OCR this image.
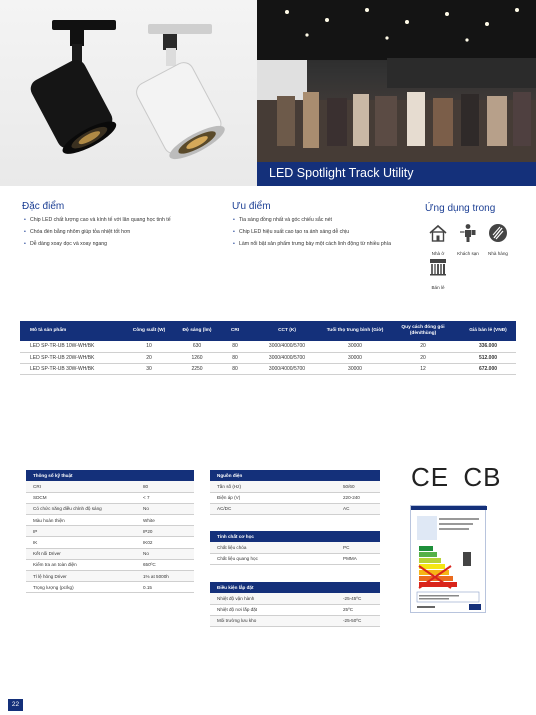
LED Spotlight Track Utility
Đặc điểm
• Chip LED chất lượng cao và kính tế với lăn quang học tinh tế
• Chóa đèn bằng nhôm giúp tỏa nhiệt tốt hơn
• Dễ dàng xoay dọc và xoay ngang
Ưu điểm
• Tia sáng đồng nhất và góc chiếu sắc nét
• Chip LED hiệu suất cao tạo ra ánh sáng dễ chịu
• Làm nổi bật sản phẩm trưng bày một cách linh động từ nhiều phía
Ứng dụng trong
Nhà ở	Khách sạn	Nhà hàng
Bán lẻ
Mô tả sản phẩm	Công suất (W)	Độ sáng (lm)	CRI	CCT (K)	Tuổi thọ trung bình (Giờ)	Quy cách đóng gói (đèn/thùng)	Giá bán lẻ (VNĐ)
LED SP-TR-UB 10W-WH/BK	10	630	80	3000/4000/5700	30000	20	336.000
LED SP-TR-UB 20W-WH/BK	20	1260	80	3000/4000/5700	30000	20	512.000
LED SP-TR-UB 30W-WH/BK	30	2250	80	3000/4000/5700	30000	12	672.000
Thông số kỹ thuật	
CRI	80
SDCM	< 7
Có chức năng điều chỉnh độ sáng	No
Màu hoàn thiện	White
IP	IP20
IK	IK02
Kết nối Driver	No
Kiểm tra an toàn điện	650ºC
Tỉ lệ hỏng Driver	1% at 5000h
Trọng lượng (pc/kg)	0.15
Nguồn điện	
Tần số (Hz)	50/60
Điện áp (V)	220-240
AC/DC	AC
Tính chất cơ học	
Chất liệu chóa	PC
Chất liệu quang học	PMMA
Điều kiện lắp đặt	
Nhiệt độ vận hành	-25-45ºC
Nhiệt độ nơi lắp đặt	25ºC
Môi trường lưu kho	-25-50ºC
CE CB
22
